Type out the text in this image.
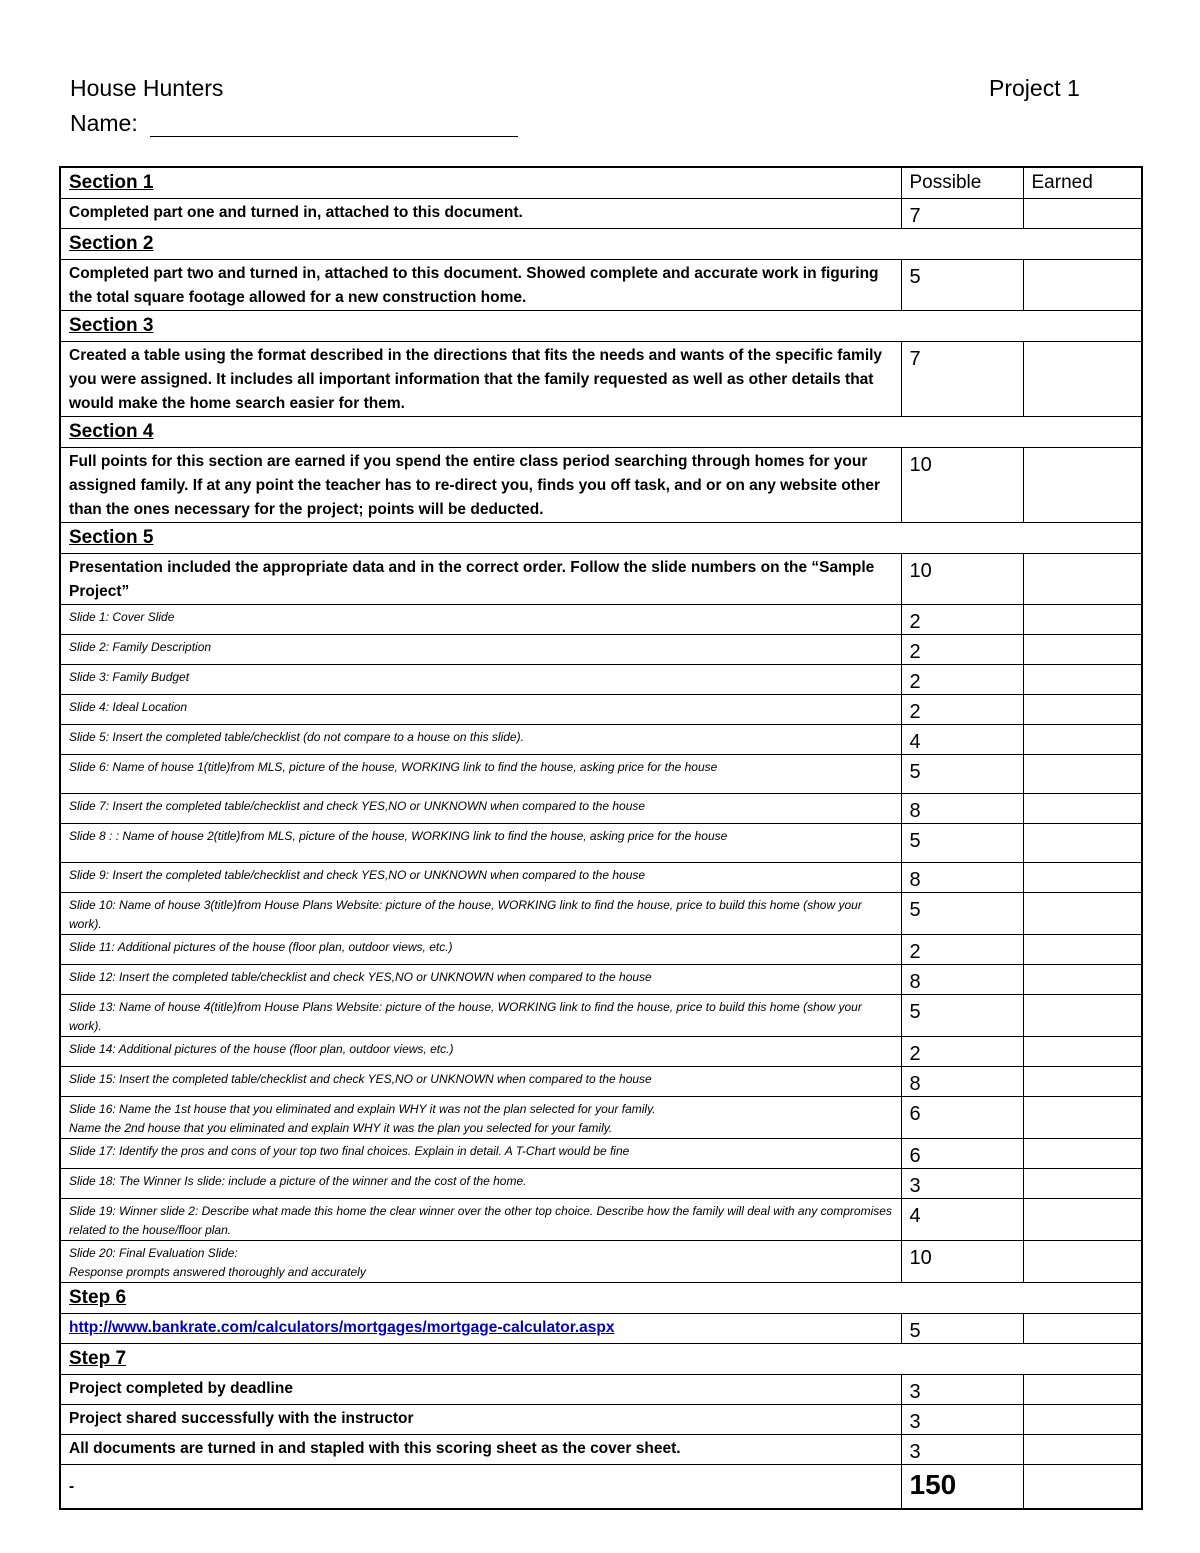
House Hunters	Project 1
Name:
Section 1	Possible	Earned
Completed part one and turned in, attached to this document.	7	
Section 2		
Completed part two and turned in, attached to this document. Showed complete and accurate work in figuring the total square footage allowed for a new construction home.	5	
Section 3		
Created a table using the format described in the directions that fits the needs and wants of the specific family you were assigned. It includes all important information that the family requested as well as other details that would make the home search easier for them.	7	
Section 4		
Full points for this section are earned if you spend the entire class period searching through homes for your assigned family. If at any point the teacher has to re-direct you, finds you off task, and or on any website other than the ones necessary for the project; points will be deducted.	10	
Section 5		
Presentation included the appropriate data and in the correct order. Follow the slide numbers on the “Sample Project”	10	

Slide 1: Cover Slide	2	

Slide 2: Family Description	2	

Slide 3: Family Budget	2	

Slide 4: Ideal Location	2	

Slide 5: Insert the completed table/checklist (do not compare to a house on this slide).	4	

Slide 6: Name of house 1(title)from MLS, picture of the house, WORKING link to find the house, asking price for the house	5	

Slide 7: Insert the completed table/checklist and check YES,NO or UNKNOWN when compared to the house	8	

Slide 8 : : Name of house 2(title)from MLS, picture of the house, WORKING link to find the house, asking price for the house	5	

Slide 9: Insert the completed table/checklist and check YES,NO or UNKNOWN when compared to the house	8	

Slide 10: Name of house 3(title)from House Plans Website: picture of the house, WORKING link to find the house, price to build this home (show your work).	5	

Slide 11: Additional pictures of the house (floor plan, outdoor views, etc.)	2	

Slide 12: Insert the completed table/checklist and check YES,NO or UNKNOWN when compared to the house	8	

Slide 13: Name of house 4(title)from House Plans Website: picture of the house, WORKING link to find the house, price to build this home (show your work).	5	

Slide 14: Additional pictures of the house (floor plan, outdoor views, etc.)	2	

Slide 15: Insert the completed table/checklist and check YES,NO or UNKNOWN when compared to the house	8	

Slide 16: Name the 1st house that you eliminated and explain WHY it was not the plan selected for your family.
Name the 2nd house that you eliminated and explain WHY it was the plan you selected for your family.	6	

Slide 17: Identify the pros and cons of your top two final choices. Explain in detail. A T-Chart would be fine	6	

Slide 18: The Winner Is slide: include a picture of the winner and the cost of the home.	3	

Slide 19: Winner slide 2: Describe what made this home the clear winner over the other top choice. Describe how the family will deal with any compromises related to the house/floor plan.	4	

Slide 20: Final Evaluation Slide:
Response prompts answered thoroughly and accurately	10	
Step 6		
http://www.bankrate.com/calculators/mortgages/mortgage-calculator.aspx	5	
Step 7		
Project completed by deadline	3	
Project shared successfully with the instructor	3	
All documents are turned in and stapled with this scoring sheet as the cover sheet.	3	
-	150	
